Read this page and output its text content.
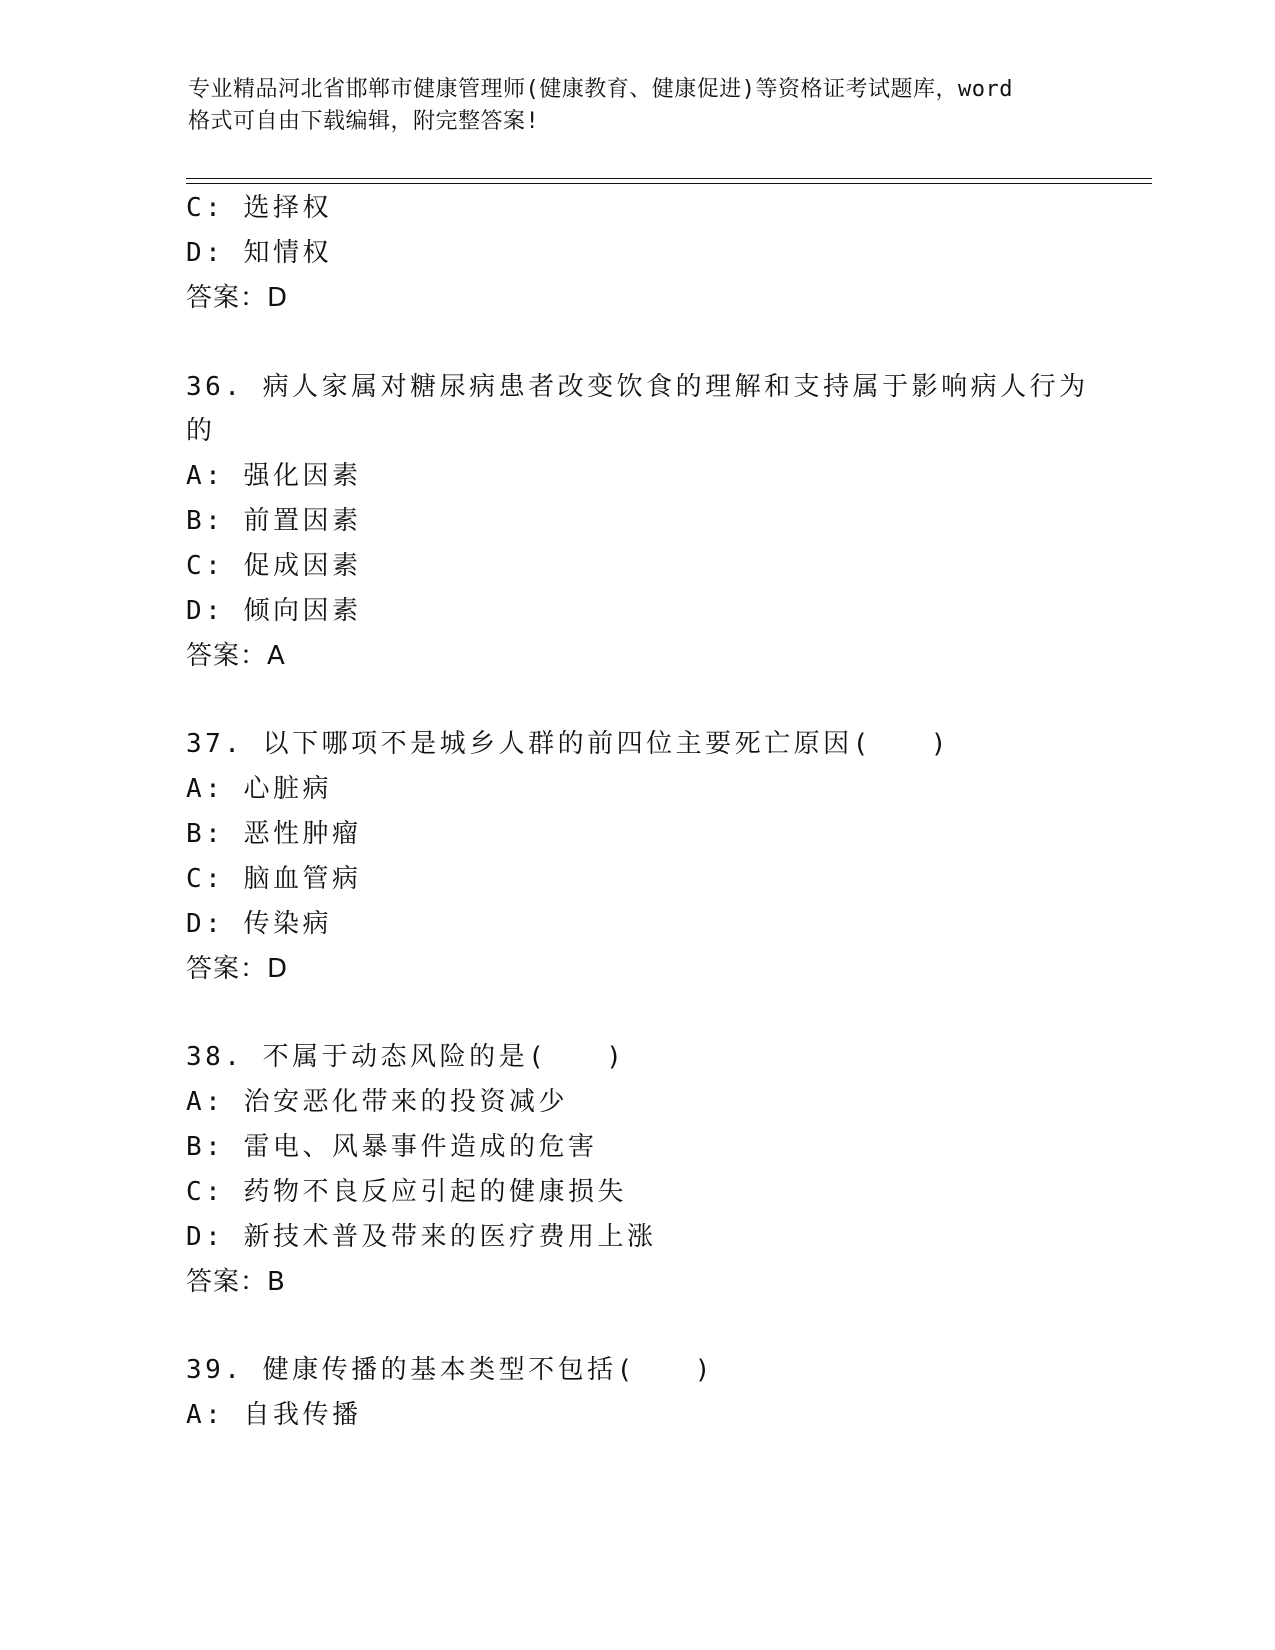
专业精品河北省邯郸市健康管理师(健康教育、健康促进)等资格证考试题库，word
格式可自由下载编辑，附完整答案!
C: 选择权
D: 知情权
答案：D
36. 病人家属对糖尿病患者改变饮食的理解和支持属于影响病人行为
的
A: 强化因素
B: 前置因素
C: 促成因素
D: 倾向因素
答案：A
37. 以下哪项不是城乡人群的前四位主要死亡原因(　　)
A: 心脏病
B: 恶性肿瘤
C: 脑血管病
D: 传染病
答案：D
38. 不属于动态风险的是(　　)
A: 治安恶化带来的投资减少
B: 雷电、风暴事件造成的危害
C: 药物不良反应引起的健康损失
D: 新技术普及带来的医疗费用上涨
答案：B
39. 健康传播的基本类型不包括(　　)
A: 自我传播
